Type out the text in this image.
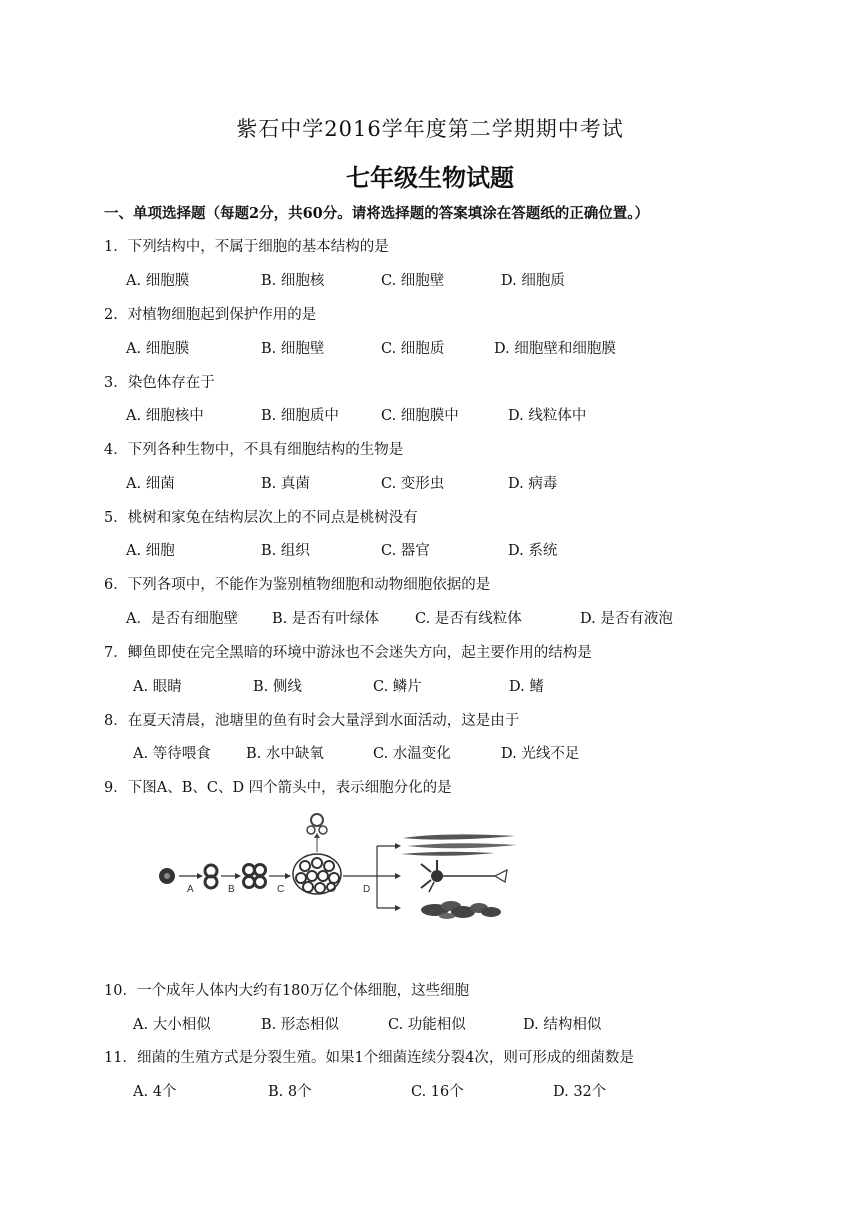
紫石中学2016学年度第二学期期中考试
七年级生物试题
一、单项选择题（每题2分，共60分。请将选择题的答案填涂在答题纸的正确位置。）
1．下列结构中，不属于细胞的基本结构的是
A. 细胞膜	B. 细胞核	C. 细胞壁	D. 细胞质
2．对植物细胞起到保护作用的是
A. 细胞膜	B. 细胞壁	C. 细胞质	D. 细胞壁和细胞膜
3．染色体存在于
A. 细胞核中	B. 细胞质中	C. 细胞膜中	D. 线粒体中
4．下列各种生物中，不具有细胞结构的生物是
A. 细菌	B. 真菌	C. 变形虫	D. 病毒
5．桃树和家兔在结构层次上的不同点是桃树没有
A. 细胞	B. 组织	C. 器官	D. 系统
6．下列各项中，不能作为鉴别植物细胞和动物细胞依据的是
A．是否有细胞壁 B. 是否有叶绿体 C. 是否有线粒体	D. 是否有液泡
7．鲫鱼即使在完全黑暗的环境中游泳也不会迷失方向，起主要作用的结构是
A. 眼睛	B. 侧线	C. 鳞片	D. 鳍
8．在夏天清晨，池塘里的鱼有时会大量浮到水面活动，这是由于
A. 等待喂食 B. 水中缺氧	C. 水温变化	D. 光线不足
9．下图A、B、C、D 四个箭头中，表示细胞分化的是
A	B	C	D
10．一个成年人体内大约有180万亿个体细胞，这些细胞
A. 大小相似	B. 形态相似	C. 功能相似	D. 结构相似
11．细菌的生殖方式是分裂生殖。如果1个细菌连续分裂4次，则可形成的细菌数是
A. 4个	B. 8个	C. 16个	D. 32个
